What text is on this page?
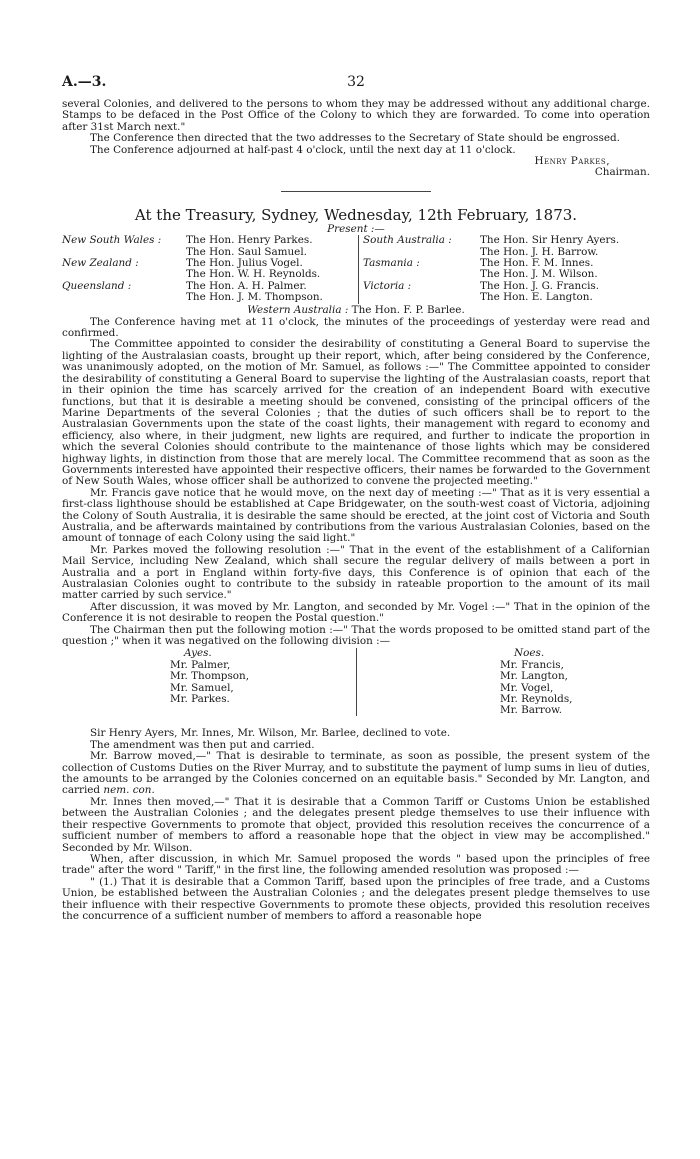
A.—3.	32

several Colonies, and delivered to the persons to whom they may be addressed without any additional charge. Stamps to be defaced in the Post Office of the Colony to which they are forwarded. To come into operation after 31st March next."

The Conference then directed that the two addresses to the Secretary of State should be engrossed.

The Conference adjourned at half-past 4 o'clock, until the next day at 11 o'clock.

Henry Parkes,

Chairman.

At the Treasury, Sydney, Wednesday, 12th February, 1873.

Present :—

New South Wales :
New Zealand :
Queensland :
The Hon. Henry Parkes.
The Hon. Saul Samuel.
The Hon. Julius Vogel.
The Hon. W. H. Reynolds.
The Hon. A. H. Palmer.
The Hon. J. M. Thompson.
South Australia :
Tasmania :
Victoria :
The Hon. Sir Henry Ayers.
The Hon. J. H. Barrow.
The Hon. F. M. Innes.
The Hon. J. M. Wilson.
The Hon. J. G. Francis.
The Hon. E. Langton.

Western Australia : The Hon. F. P. Barlee.

The Conference having met at 11 o'clock, the minutes of the proceedings of yesterday were read and confirmed.

The Committee appointed to consider the desirability of constituting a General Board to supervise the lighting of the Australasian coasts, brought up their report, which, after being considered by the Conference, was unanimously adopted, on the motion of Mr. Samuel, as follows :—" The Committee appointed to consider the desirability of constituting a General Board to supervise the lighting of the Australasian coasts, report that in their opinion the time has scarcely arrived for the creation of an independent Board with executive functions, but that it is desirable a meeting should be convened, consisting of the principal officers of the Marine Departments of the several Colonies ; that the duties of such officers shall be to report to the Australasian Governments upon the state of the coast lights, their management with regard to economy and efficiency, also where, in their judgment, new lights are required, and further to indicate the proportion in which the several Colonies should contribute to the maintenance of those lights which may be considered highway lights, in distinction from those that are merely local. The Committee recommend that as soon as the Governments interested have appointed their respective officers, their names be forwarded to the Government of New South Wales, whose officer shall be authorized to convene the projected meeting."

Mr. Francis gave notice that he would move, on the next day of meeting :—" That as it is very essential a first-class lighthouse should be established at Cape Bridgewater, on the south-west coast of Victoria, adjoining the Colony of South Australia, it is desirable the same should be erected, at the joint cost of Victoria and South Australia, and be afterwards maintained by contributions from the various Australasian Colonies, based on the amount of tonnage of each Colony using the said light."

Mr. Parkes moved the following resolution :—" That in the event of the establishment of a Californian Mail Service, including New Zealand, which shall secure the regular delivery of mails between a port in Australia and a port in England within forty-five days, this Conference is of opinion that each of the Australasian Colonies ought to contribute to the subsidy in rateable proportion to the amount of its mail matter carried by such service."

After discussion, it was moved by Mr. Langton, and seconded by Mr. Vogel :—" That in the opinion of the Conference it is not desirable to reopen the Postal question."

The Chairman then put the following motion :—" That the words proposed to be omitted stand part of the question ;" when it was negatived on the following division :—

Ayes.
Mr. Palmer,
Mr. Thompson,
Mr. Samuel,
Mr. Parkes.
Noes.
Mr. Francis,
Mr. Langton,
Mr. Vogel,
Mr. Reynolds,
Mr. Barrow.

Sir Henry Ayers, Mr. Innes, Mr. Wilson, Mr. Barlee, declined to vote.

The amendment was then put and carried.

Mr. Barrow moved,—" That is desirable to terminate, as soon as possible, the present system of the collection of Customs Duties on the River Murray, and to substitute the payment of lump sums in lieu of duties, the amounts to be arranged by the Colonies concerned on an equitable basis." Seconded by Mr. Langton, and carried nem. con.

Mr. Innes then moved,—" That it is desirable that a Common Tariff or Customs Union be established between the Australian Colonies ; and the delegates present pledge themselves to use their influence with their respective Governments to promote that object, provided this resolution receives the concurrence of a sufficient number of members to afford a reasonable hope that the object in view may be accomplished." Seconded by Mr. Wilson.

When, after discussion, in which Mr. Samuel proposed the words " based upon the principles of free trade" after the word " Tariff," in the first line, the following amended resolution was proposed :—

" (1.) That it is desirable that a Common Tariff, based upon the principles of free trade, and a Customs Union, be established between the Australian Colonies ; and the delegates present pledge themselves to use their influence with their respective Governments to promote these objects, provided this resolution receives the concurrence of a sufficient number of members to afford a reasonable hope
